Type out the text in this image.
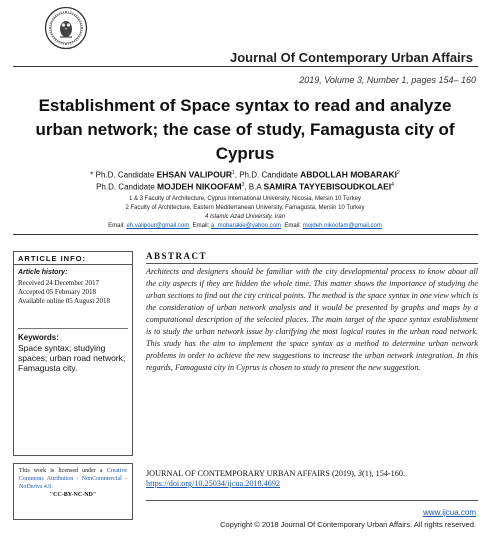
Journal Of Contemporary Urban Affairs
2019, Volume 3, Number 1, pages 154– 160
Establishment of Space syntax to read and analyze
urban network; the case of study, Famagusta city of
Cyprus
* Ph.D. Candidate EHSAN VALIPOUR$^1$, Ph.D. Candidate ABDOLLAH MOBARAKI$^2$
Ph.D. Candidate MOJDEH NIKOOFAM$^3$, B.A SAMIRA TAYYEBISOUDKOLAEI$^4$
1 & 3 Faculty of Architecture, Cyprus International University, Nicosia, Mersin 10 Turkey
2 Faculty of Architecture, Eastern Mediterranean University, Famagusta, Mersin 10 Turkey
4 Islamic Azad University, Iran
Email: eh.valipour@gmail.com Email: a_mobarakie@yahoo.com Email: mojdeh.nikoofam@gmail.com
ARTICLE INFO:
Article history:
Received 24 December 2017
Accepted 05 February 2018
Available online 05 August 2018
Keywords:
Space syntax; studying spaces; urban road network; Famagusta city.
ABSTRACT
Architects and designers should be familiar with the city developmental process to know about all the city aspects if they are hidden the whole time. This matter shows the importance of studying the urban sections to find out the city critical points. The method is the space syntax in one view which is the consideration of urban network analysis and it would be presented by graphs and maps by a computational description of the selected places. The main target of the space syntax establishment is to study the urban network issue by clarifying the most logical routes in the urban road network. This study has the aim to implement the space syntax as a method to determine urban network problems in order to achieve the new suggestions to increase the urban network integration. In this regards, Famagusta city in Cyprus is chosen to study to present the new suggestion.
This work is licensed under a Creative Commons Attribution - NonCommercial - NoDerivs 4.0.
"CC-BY-NC-ND"
JOURNAL OF CONTEMPORARY URBAN AFFAIRS (2019), 3(1), 154-160.
https://doi.org/10.25034/ijcua.2018.4692
www.ijcua.com
Copyright © 2018 Journal Of Contemporary Urban Affairs. All rights reserved.
